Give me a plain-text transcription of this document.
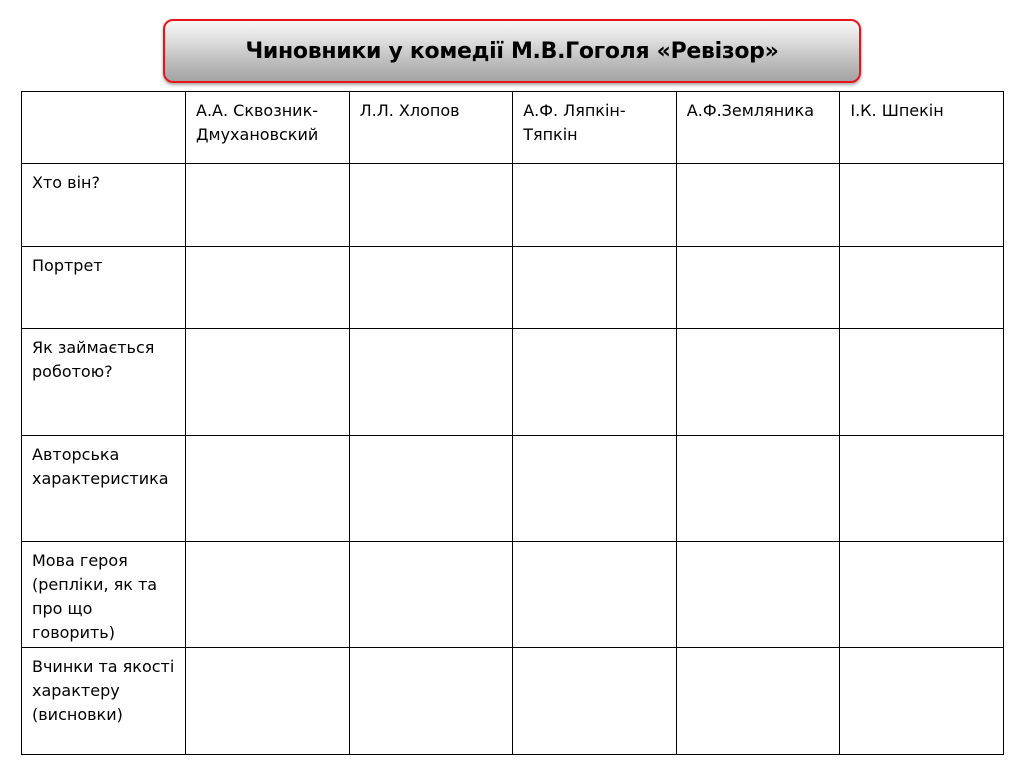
Чиновники у комедії М.В.Гоголя «Ревізор»
	А.А. Сквозник-Дмухановский	Л.Л. Хлопов	А.Ф. Ляпкін-Тяпкін	А.Ф.Земляника	І.К. Шпекін
Хто він?					
Портрет					
Як займається роботою?					
Авторська характеристика					
Мова героя (репліки, як та про що говорить)					
Вчинки та якості характеру (висновки)					
